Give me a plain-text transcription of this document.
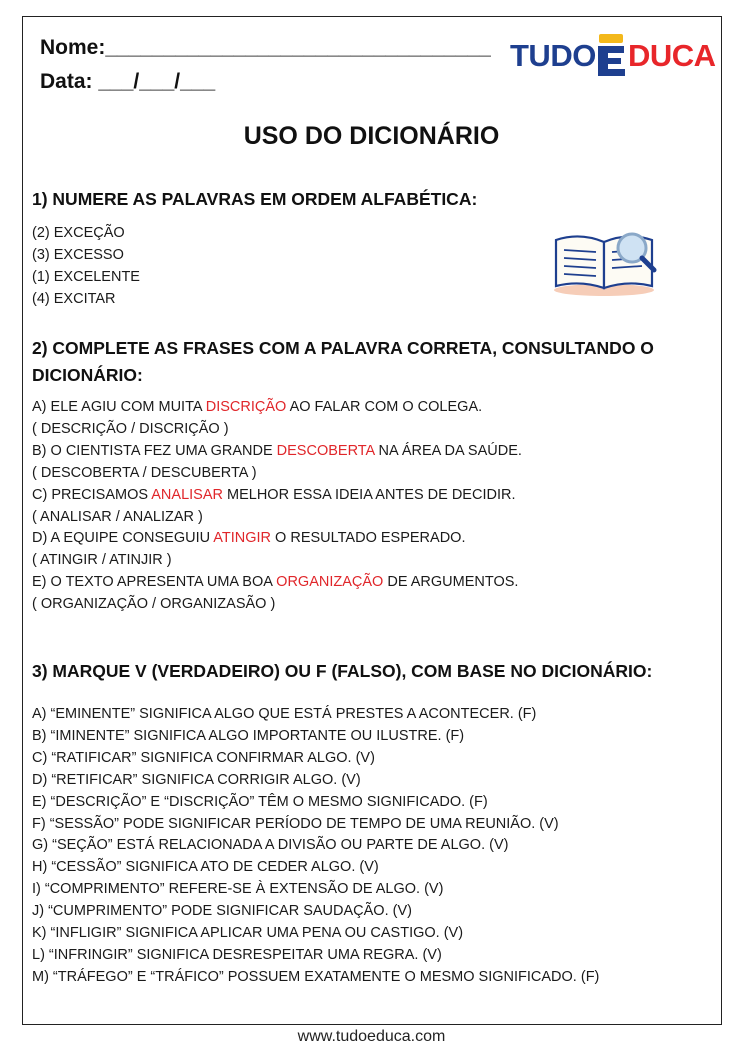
Nome:_________________________________
Data: ___/___/___
TUDO DUCA
USO DO DICIONÁRIO
1) NUMERE AS PALAVRAS EM ORDEM ALFABÉTICA:
(2) EXCEÇÃO
(3) EXCESSO
(1) EXCELENTE
(4) EXCITAR
2) COMPLETE AS FRASES COM A PALAVRA CORRETA, CONSULTANDO O DICIONÁRIO:
A) ELE AGIU COM MUITA DISCRIÇÃO AO FALAR COM O COLEGA.
( DESCRIÇÃO / DISCRIÇÃO )
B) O CIENTISTA FEZ UMA GRANDE DESCOBERTA NA ÁREA DA SAÚDE.
( DESCOBERTA / DESCUBERTA )
C) PRECISAMOS ANALISAR MELHOR ESSA IDEIA ANTES DE DECIDIR.
( ANALISAR / ANALIZAR )
D) A EQUIPE CONSEGUIU ATINGIR O RESULTADO ESPERADO.
( ATINGIR / ATINJIR )
E) O TEXTO APRESENTA UMA BOA ORGANIZAÇÃO DE ARGUMENTOS.
( ORGANIZAÇÃO / ORGANIZASÃO )
3) MARQUE V (VERDADEIRO) OU F (FALSO), COM BASE NO DICIONÁRIO:
A) “EMINENTE” SIGNIFICA ALGO QUE ESTÁ PRESTES A ACONTECER. (F)
B) “IMINENTE” SIGNIFICA ALGO IMPORTANTE OU ILUSTRE. (F)
C) “RATIFICAR” SIGNIFICA CONFIRMAR ALGO. (V)
D) “RETIFICAR” SIGNIFICA CORRIGIR ALGO. (V)
E) “DESCRIÇÃO” E “DISCRIÇÃO” TÊM O MESMO SIGNIFICADO. (F)
F) “SESSÃO” PODE SIGNIFICAR PERÍODO DE TEMPO DE UMA REUNIÃO. (V)
G) “SEÇÃO” ESTÁ RELACIONADA A DIVISÃO OU PARTE DE ALGO. (V)
H) “CESSÃO” SIGNIFICA ATO DE CEDER ALGO. (V)
I) “COMPRIMENTO” REFERE-SE À EXTENSÃO DE ALGO. (V)
J) “CUMPRIMENTO” PODE SIGNIFICAR SAUDAÇÃO. (V)
K) “INFLIGIR” SIGNIFICA APLICAR UMA PENA OU CASTIGO. (V)
L) “INFRINGIR” SIGNIFICA DESRESPEITAR UMA REGRA. (V)
M) “TRÁFEGO” E “TRÁFICO” POSSUEM EXATAMENTE O MESMO SIGNIFICADO. (F)
www.tudoeduca.com
